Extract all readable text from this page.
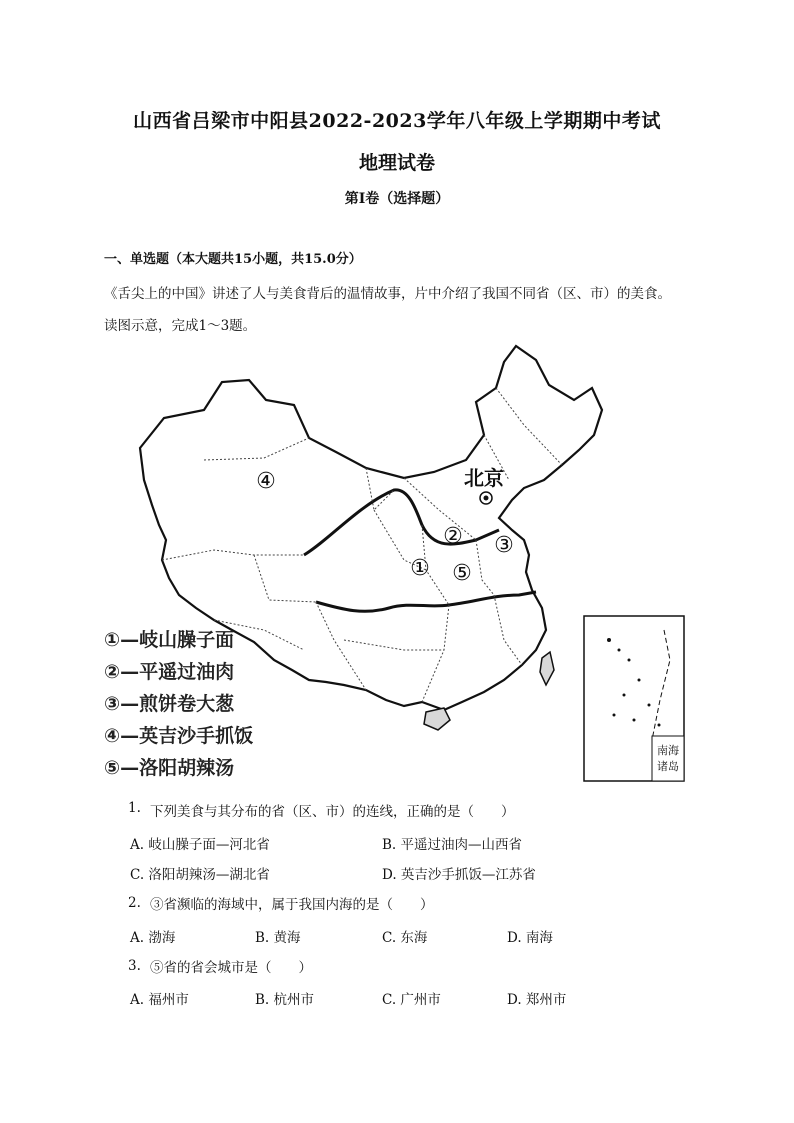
山西省吕梁市中阳县2022-2023学年八年级上学期期中考试
地理试卷
第Ⅰ卷（选择题）
一、单选题（本大题共15小题，共15.0分）
《舌尖上的中国》讲述了人与美食背后的温情故事，片中介绍了我国不同省（区、市）的美食。
读图示意，完成1～3题。
南海
诸岛
北京
①
② ③
④
⑤
①—岐山臊子面
②—平遥过油肉
③—煎饼卷大葱
④—英吉沙手抓饭
⑤—洛阳胡辣汤
1. 下列美食与其分布的省（区、市）的连线，正确的是（　　）
A. 岐山臊子面—河北省	B. 平遥过油肉—山西省
C. 洛阳胡辣汤—湖北省	D. 英吉沙手抓饭—江苏省
2. ③省濒临的海域中，属于我国内海的是（　　）
A. 渤海	B. 黄海	C. 东海	D. 南海
3. ⑤省的省会城市是（　　）
A. 福州市	B. 杭州市	C. 广州市	D. 郑州市
